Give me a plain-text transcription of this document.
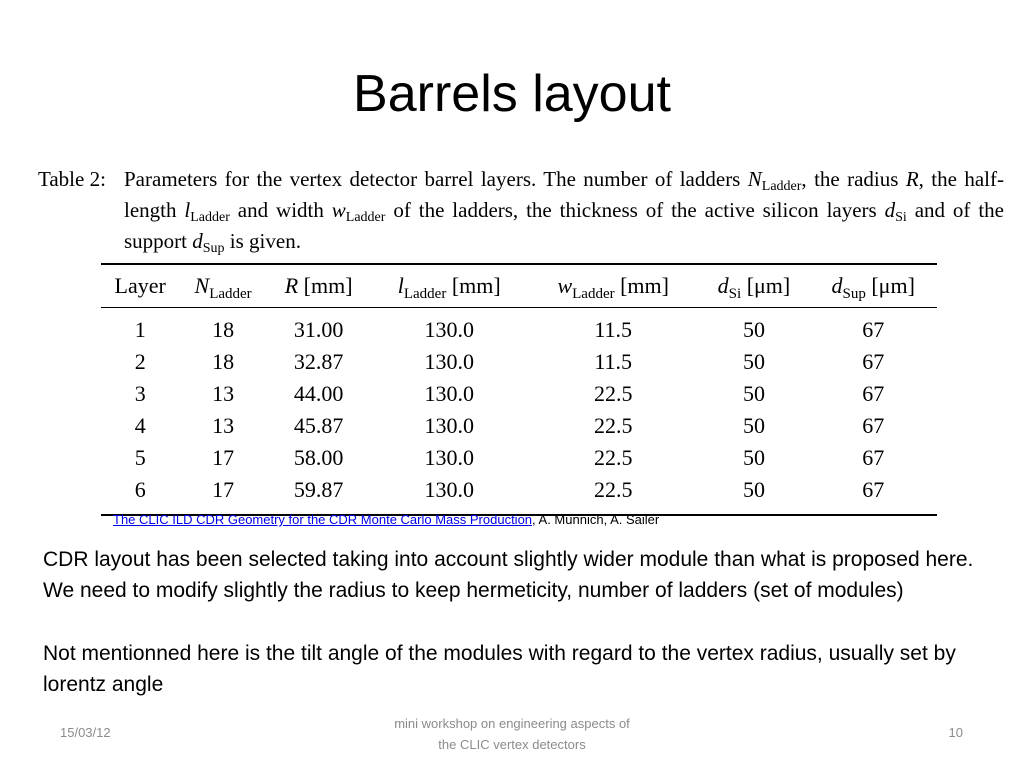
Barrels layout
Table 2: Parameters for the vertex detector barrel layers. The number of ladders $N_{Ladder}$, the radius R, the half-length $l_{Ladder}$ and width $w_{Ladder}$ of the ladders, the thickness of the active silicon layers $d_{Si}$ and of the support $d_{Sup}$ is given.
Layer	$N_{Ladder}$	R [mm]	$l_{Ladder}$ [mm]	$w_{Ladder}$ [mm]	$d_{Si}$ [μm]	$d_{Sup}$ [μm]
1	18	31.00	130.0	11.5	50	67
2	18	32.87	130.0	11.5	50	67
3	13	44.00	130.0	22.5	50	67
4	13	45.87	130.0	22.5	50	67
5	17	58.00	130.0	22.5	50	67
6	17	59.87	130.0	22.5	50	67
The CLIC ILD CDR Geometry for the CDR Monte Carlo Mass Production, A. Munnich, A. Sailer

CDR layout has been selected taking into account slightly wider module than what is proposed here. We need to modify slightly the radius to keep hermeticity, number of ladders (set of modules)

Not mentionned here is the tilt angle of the modules with regard to the vertex radius, usually set by lorentz angle

15/03/12
mini workshop on engineering aspects of
the CLIC vertex detectors
10
